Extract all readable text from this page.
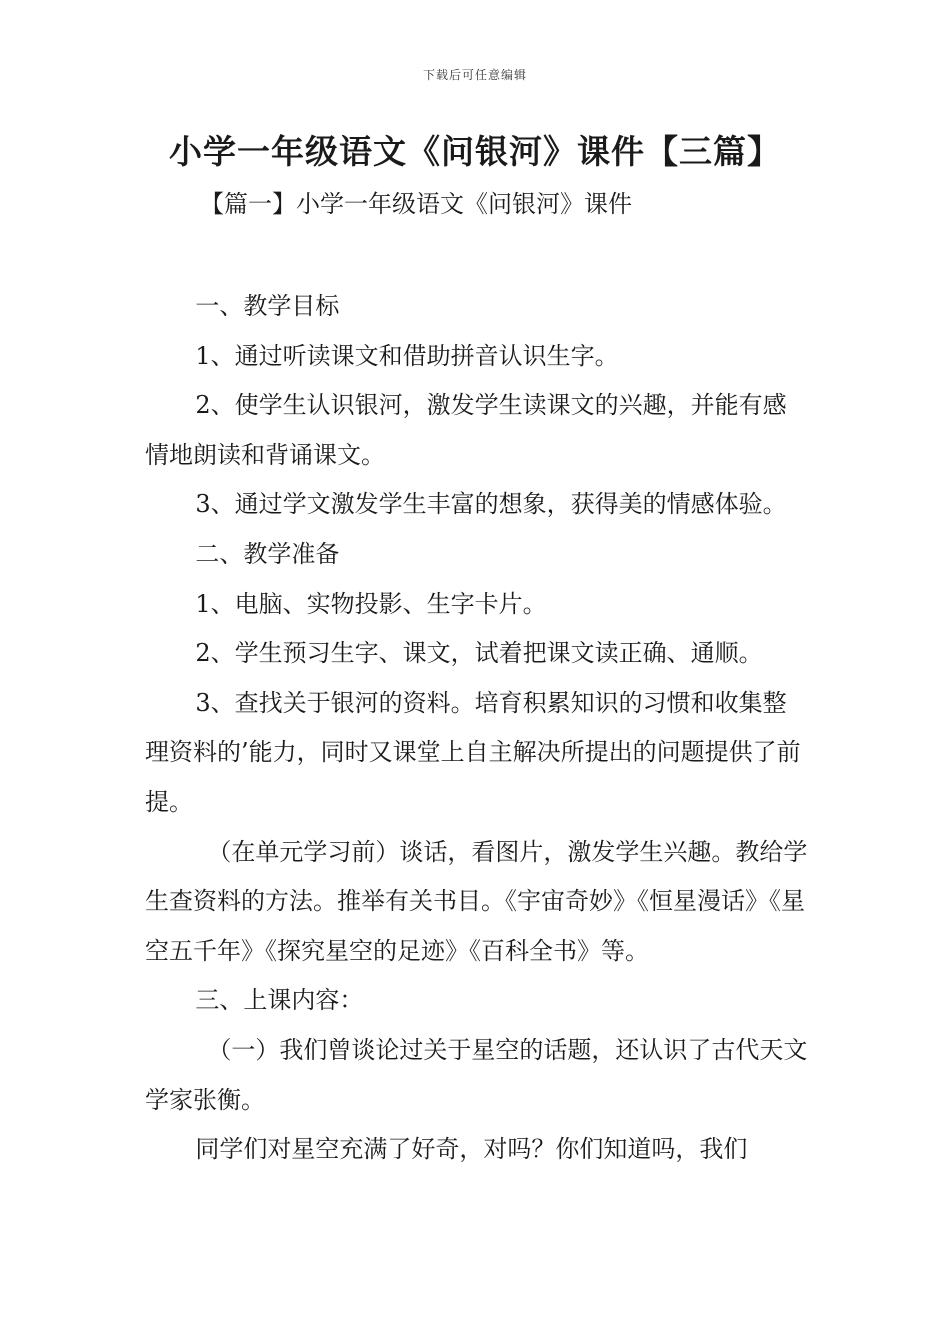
下载后可任意编辑
小学一年级语文《问银河》课件【三篇】
【篇一】小学一年级语文《问银河》课件

一、教学目标

1、通过听读课文和借助拼音认识生字。

2、使学生认识银河，激发学生读课文的兴趣，并能有感情地朗读和背诵课文。

3、通过学文激发学生丰富的想象，获得美的情感体验。

二、教学准备

1、电脑、实物投影、生字卡片。

2、学生预习生字、课文，试着把课文读正确、通顺。

3、查找关于银河的资料。培育积累知识的习惯和收集整理资料的’能力，同时又课堂上自主解决所提出的问题提供了前提。

（在单元学习前）谈话，看图片，激发学生兴趣。教给学生查资料的方法。推举有关书目。《宇宙奇妙》《恒星漫话》《星空五千年》《探究星空的足迹》《百科全书》等。

三、上课内容：

（一）我们曾谈论过关于星空的话题，还认识了古代天文学家张衡。

同学们对星空充满了好奇，对吗？你们知道吗，我们
